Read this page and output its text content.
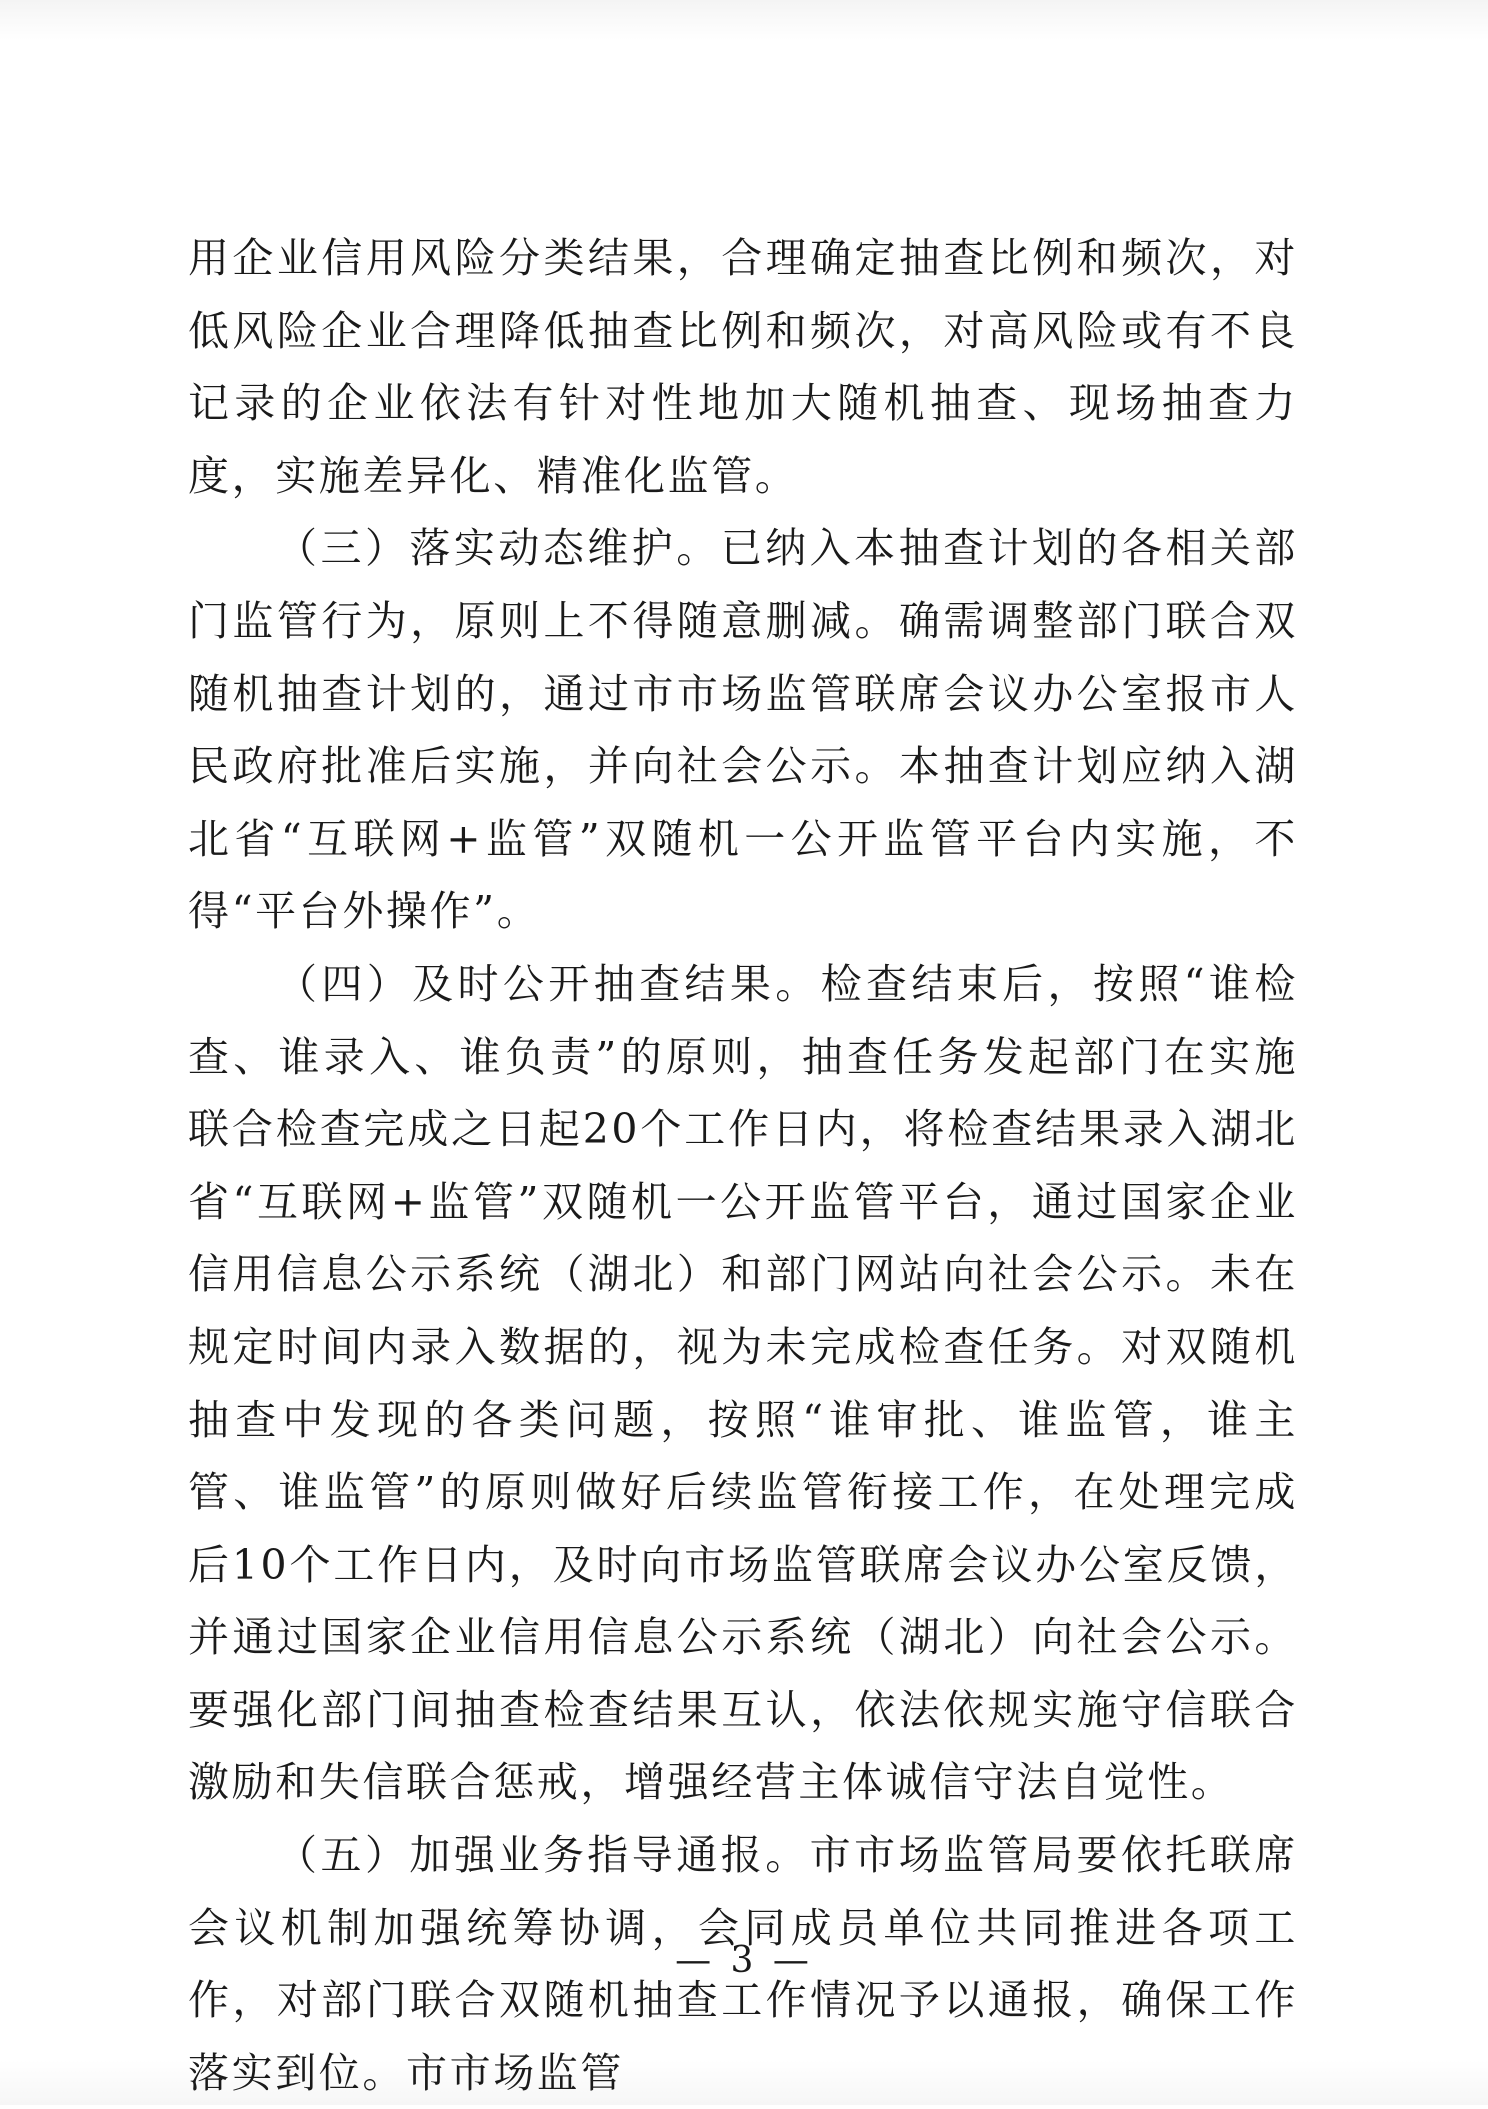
用企业信用风险分类结果，合理确定抽查比例和频次，对低风险企业合理降低抽查比例和频次，对高风险或有不良记录的企业依法有针对性地加大随机抽查、现场抽查力度，实施差异化、精准化监管。

（三）落实动态维护。已纳入本抽查计划的各相关部门监管行为，原则上不得随意删减。确需调整部门联合双随机抽查计划的，通过市市场监管联席会议办公室报市人民政府批准后实施，并向社会公示。本抽查计划应纳入湖北省“互联网+监管”双随机一公开监管平台内实施，不得“平台外操作”。

（四）及时公开抽查结果。检查结束后，按照“谁检查、谁录入、谁负责”的原则，抽查任务发起部门在实施联合检查完成之日起20个工作日内，将检查结果录入湖北省“互联网+监管”双随机一公开监管平台，通过国家企业信用信息公示系统（湖北）和部门网站向社会公示。未在规定时间内录入数据的，视为未完成检查任务。对双随机抽查中发现的各类问题，按照“谁审批、谁监管，谁主管、谁监管”的原则做好后续监管衔接工作，在处理完成后10个工作日内，及时向市场监管联席会议办公室反馈，并通过国家企业信用信息公示系统（湖北）向社会公示。要强化部门间抽查检查结果互认，依法依规实施守信联合激励和失信联合惩戒，增强经营主体诚信守法自觉性。

（五）加强业务指导通报。市市场监管局要依托联席会议机制加强统筹协调，会同成员单位共同推进各项工作，对部门联合双随机抽查工作情况予以通报，确保工作落实到位。市市场监管

— 3 —
